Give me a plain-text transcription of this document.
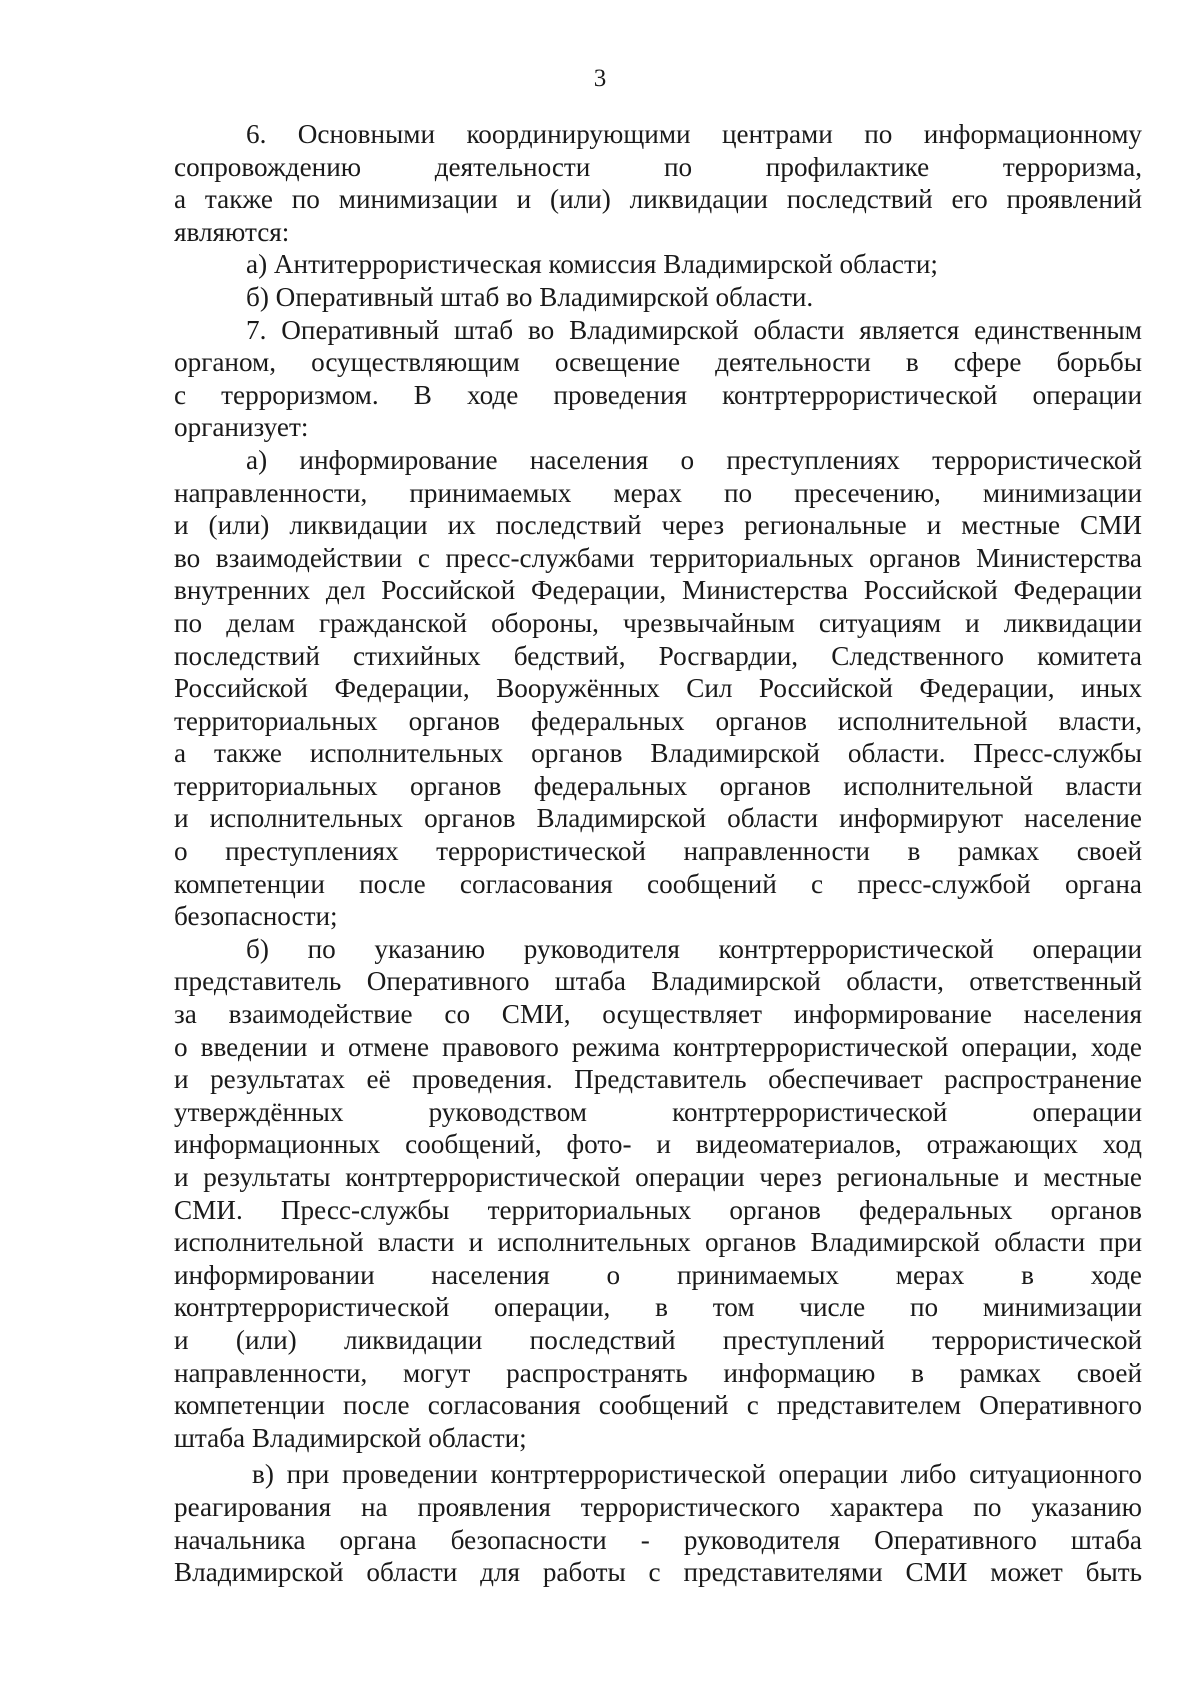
3
6. Основными координирующими центрами по информационному
сопровождению деятельности по профилактике терроризма,
а также по минимизации и (или) ликвидации последствий его проявлений
являются:
а) Антитеррористическая комиссия Владимирской области;
б) Оперативный штаб во Владимирской области.
7. Оперативный штаб во Владимирской области является единственным
органом, осуществляющим освещение деятельности в сфере борьбы
с терроризмом. В ходе проведения контртеррористической операции
организует:
а) информирование населения о преступлениях террористической
направленности, принимаемых мерах по пресечению, минимизации
и (или) ликвидации их последствий через региональные и местные СМИ
во взаимодействии с пресс-службами территориальных органов Министерства
внутренних дел Российской Федерации, Министерства Российской Федерации
по делам гражданской обороны, чрезвычайным ситуациям и ликвидации
последствий стихийных бедствий, Росгвардии, Следственного комитета
Российской Федерации, Вооружённых Сил Российской Федерации, иных
территориальных органов федеральных органов исполнительной власти,
а также исполнительных органов Владимирской области. Пресс-службы
территориальных органов федеральных органов исполнительной власти
и исполнительных органов Владимирской области информируют население
о преступлениях террористической направленности в рамках своей
компетенции после согласования сообщений с пресс-службой органа
безопасности;
б) по указанию руководителя контртеррористической операции
представитель Оперативного штаба Владимирской области, ответственный
за взаимодействие со СМИ, осуществляет информирование населения
о введении и отмене правового режима контртеррористической операции, ходе
и результатах её проведения. Представитель обеспечивает распространение
утверждённых руководством контртеррористической операции
информационных сообщений, фото- и видеоматериалов, отражающих ход
и результаты контртеррористической операции через региональные и местные
СМИ. Пресс-службы территориальных органов федеральных органов
исполнительной власти и исполнительных органов Владимирской области при
информировании населения о принимаемых мерах в ходе
контртеррористической операции, в том числе по минимизации
и (или) ликвидации последствий преступлений террористической
направленности, могут распространять информацию в рамках своей
компетенции после согласования сообщений с представителем Оперативного
штаба Владимирской области;
в) при проведении контртеррористической операции либо ситуационного
реагирования на проявления террористического характера по указанию
начальника органа безопасности - руководителя Оперативного штаба
Владимирской области для работы с представителями СМИ может быть
